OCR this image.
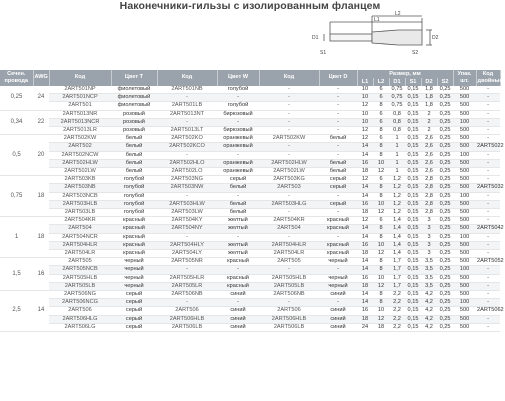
Наконечники-гильзы с изолированным фланцем
L2
L1
D2
S2
S1
D1
Сечен. провода	AWG	Код	Цвет T	Код	Цвет W	Код	Цвет D	Размер, мм						Упак. шт.	Код двойные*
								L1	L2	D1	S1	D2	S2		
0,25	24	2ART501NP	фиолетовый	2ART501NB	голубой	-	-	10	6	0,75	0,15	1,8	0,25	500	-
		2ART501NCP	фиолетовый	-	-	-	-	10	6	0,75	0,15	1,8	0,25	500	-
		2ART501	фиолетовый	2ART501LB	голубой	-	-	12	8	0,75	0,15	1,8	0,25	500	-
0,34	22	2ART5013NR	розовый	2ART5013NT	бирюзовый	-	-	10	6	0,8	0,15	2	0,25	500	-
		2ART5013NCR	розовый	-	-	-	-	10	6	0,8	0,15	2	0,25	100	-
		2ART5013LR	розовый	2ART5013LT	бирюзовый	-	-	12	8	0,8	0,15	2	0,25	500	-
0,5	20	2ART502KW	белый	2ART502KO	оранжевый	2ART502KW	белый	12	6	1	0,15	2,6	0,25	500	-
		2ART502	белый	2ART502KCO	оранжевый	-	-	14	8	1	0,15	2,6	0,25	500	2ART5022
		2ART502NCW	белый	-	-	-	-	14	8	1	0,15	2,6	0,25	100	-
		2ART502HLW	белый	2ART502HLO	оранжевый	2ART502HLW	белый	16	10	1	0,15	2,6	0,25	500	-
		2ART502LW	белый	2ART502LO	оранжевый	2ART502LW	белый	18	12	1	0,15	2,6	0,25	500	-
0,75	18	2ART503KB	голубой	2ART503NG	серый	2ART503KG	серый	12	6	1,2	0,15	2,8	0,25	500	-
		2ART503NB	голубой	2ART503NW	белый	2ART503	серый	14	8	1,2	0,15	2,8	0,25	500	2ART5032
		2ART503NCB	голубой	-	-	-	-	14	8	1,2	0,15	2,8	0,25	100	-
		2ART503HLB	голубой	2ART503HLW	белый	2ART503HLG	серый	16	10	1,2	0,15	2,8	0,25	500	-
		2ART503LB	голубой	2ART503LW	белый	-	-	18	12	1,2	0,15	2,8	0,25	500	-
1	18	2ART504KR	красный	2ART504KY	желтый	2ART504KR	красный	12	6	1,4	0,15	3	0,25	500	-
		2ART504	красный	2ART504NY	желтый	2ART504	красный	14	8	1,4	0,15	3	0,25	500	2ART5042
		2ART504NCR	красный	-	-	-	-	14	8	1,4	0,15	3	0,25	100	-
		2ART504HLR	красный	2ART504HLY	желтый	2ART504HLR	красный	16	10	1,4	0,15	3	0,25	500	-
		2ART504LR	красный	2ART504LY	желтый	2ART504LR	красный	18	12	1,4	0,15	3	0,25	500	-
1,5	16	2ART505	черный	2ART505NR	красный	2ART505	черный	14	8	1,7	0,15	3,5	0,25	500	2ART5052
		2ART505NCB	черный	-	-	-	-	14	8	1,7	0,15	3,5	0,25	100	-
		2ART505HLB	черный	2ART505HLR	красный	2ART505HLB	черный	16	10	1,7	0,15	3,5	0,25	500	-
		2ART505LB	черный	2ART505LR	красный	2ART505LB	черный	18	12	1,7	0,15	3,5	0,25	500	-
2,5	14	2ART506NG	серый	2ART506NB	синий	2ART506NB	синий	14	8	2,2	0,15	4,2	0,25	500	-
		2ART506NCG	серый	-	-	-	-	14	8	2,2	0,15	4,2	0,25	100	-
		2ART506	серый	2ART506	синий	2ART506	синий	16	10	2,2	0,15	4,2	0,25	500	2ART5062
		2ART506HLG	серый	2ART506HLB	синий	2ART506HLB	синий	18	12	2,2	0,15	4,2	0,25	500	-
		2ART506LG	серый	2ART506LB	синий	2ART506LB	синий	24	18	2,2	0,15	4,2	0,25	500	-
